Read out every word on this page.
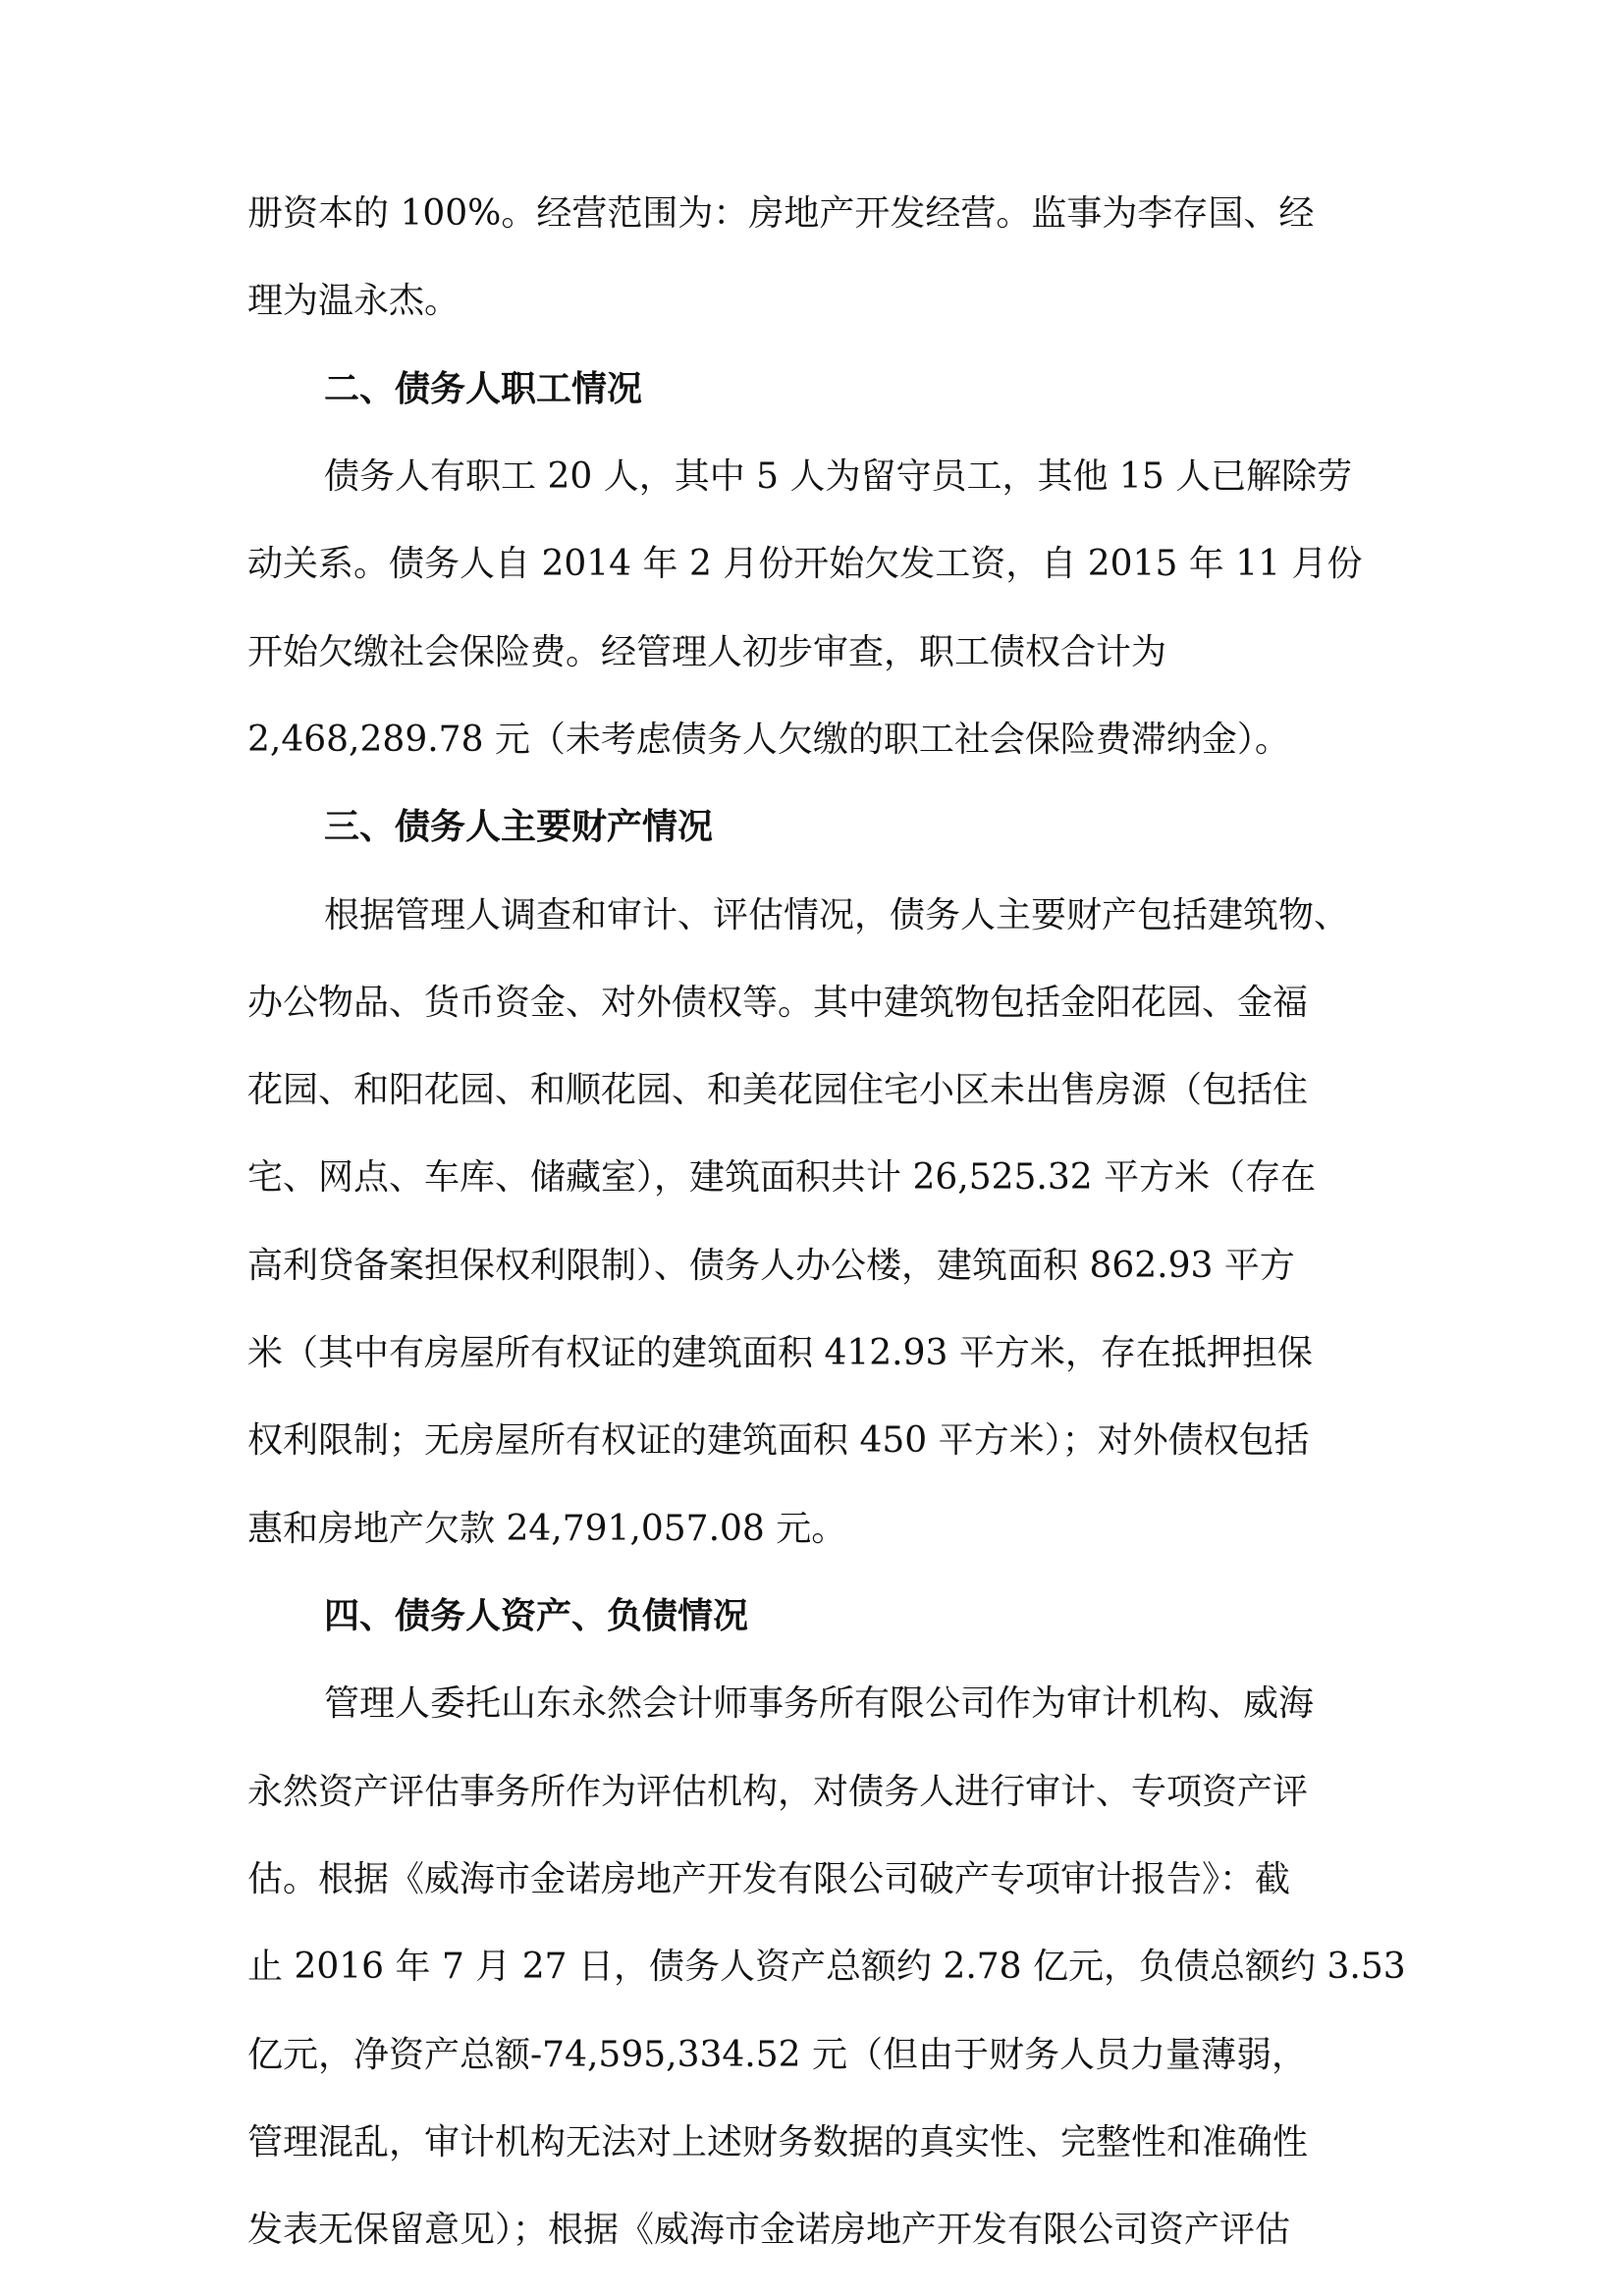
册资本的 100%。经营范围为：房地产开发经营。监事为李存国、经
理为温永杰。
二、债务人职工情况
债务人有职工 20 人，其中 5 人为留守员工，其他 15 人已解除劳
动关系。债务人自 2014 年 2 月份开始欠发工资，自 2015 年 11 月份
开始欠缴社会保险费。经管理人初步审查，职工债权合计为
2,468,289.78 元（未考虑债务人欠缴的职工社会保险费滞纳金）。
三、债务人主要财产情况
根据管理人调查和审计、评估情况，债务人主要财产包括建筑物、
办公物品、货币资金、对外债权等。其中建筑物包括金阳花园、金福
花园、和阳花园、和顺花园、和美花园住宅小区未出售房源（包括住
宅、网点、车库、储藏室），建筑面积共计 26,525.32 平方米（存在
高利贷备案担保权利限制）、债务人办公楼，建筑面积 862.93 平方
米（其中有房屋所有权证的建筑面积 412.93 平方米，存在抵押担保
权利限制；无房屋所有权证的建筑面积 450 平方米）；对外债权包括
惠和房地产欠款 24,791,057.08 元。
四、债务人资产、负债情况
管理人委托山东永然会计师事务所有限公司作为审计机构、威海
永然资产评估事务所作为评估机构，对债务人进行审计、专项资产评
估。根据《威海市金诺房地产开发有限公司破产专项审计报告》：截
止 2016 年 7 月 27 日，债务人资产总额约 2.78 亿元，负债总额约 3.53
亿元，净资产总额-74,595,334.52 元（但由于财务人员力量薄弱，
管理混乱，审计机构无法对上述财务数据的真实性、完整性和准确性
发表无保留意见）；根据《威海市金诺房地产开发有限公司资产评估
